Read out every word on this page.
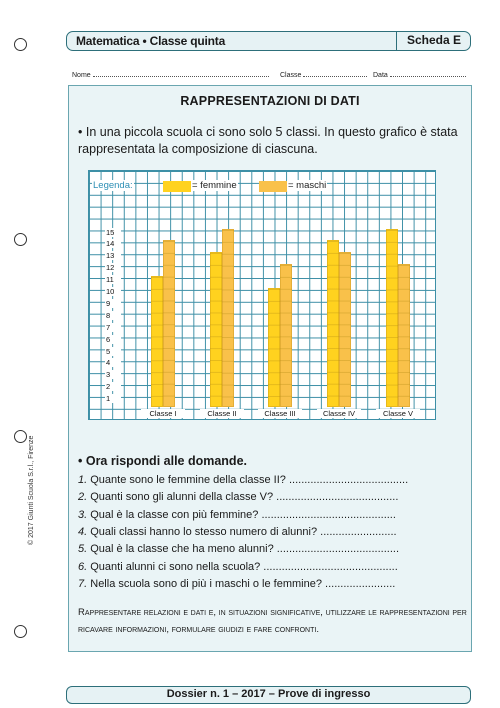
Matematica • Classe quinta	Scheda E
Nome	Classe	Data
RAPPRESENTAZIONI DI DATI
• In una piccola scuola ci sono solo 5 classi. In questo grafico è stata rappresentata la composizione di ciascuna.
Legenda:
• Ora rispondi alle domande.
Rappresentare relazioni e dati e, in situazioni significative, utilizzare le rappresentazioni per ricavare informazioni, formulare giudizi e fare confronti.
Dossier n. 1 – 2017 – Prove di ingresso
© 2017 Giunti Scuola S.r.l., Firenze
= femmine	= maschi
1
2
3
4
5
6
7
8
9
10
11
12
13
14
15
Classe I	Classe II	Classe III	Classe IV	Classe V
1. Quante sono le femmine della classe II? .......................................
2. Quanti sono gli alunni della classe V? ........................................
3. Qual è la classe con più femmine? ............................................
4. Quali classi hanno lo stesso numero di alunni? .........................
5. Qual è la classe che ha meno alunni? ........................................
6. Quanti alunni ci sono nella scuola? ............................................
7. Nella scuola sono di più i maschi o le femmine? .......................
